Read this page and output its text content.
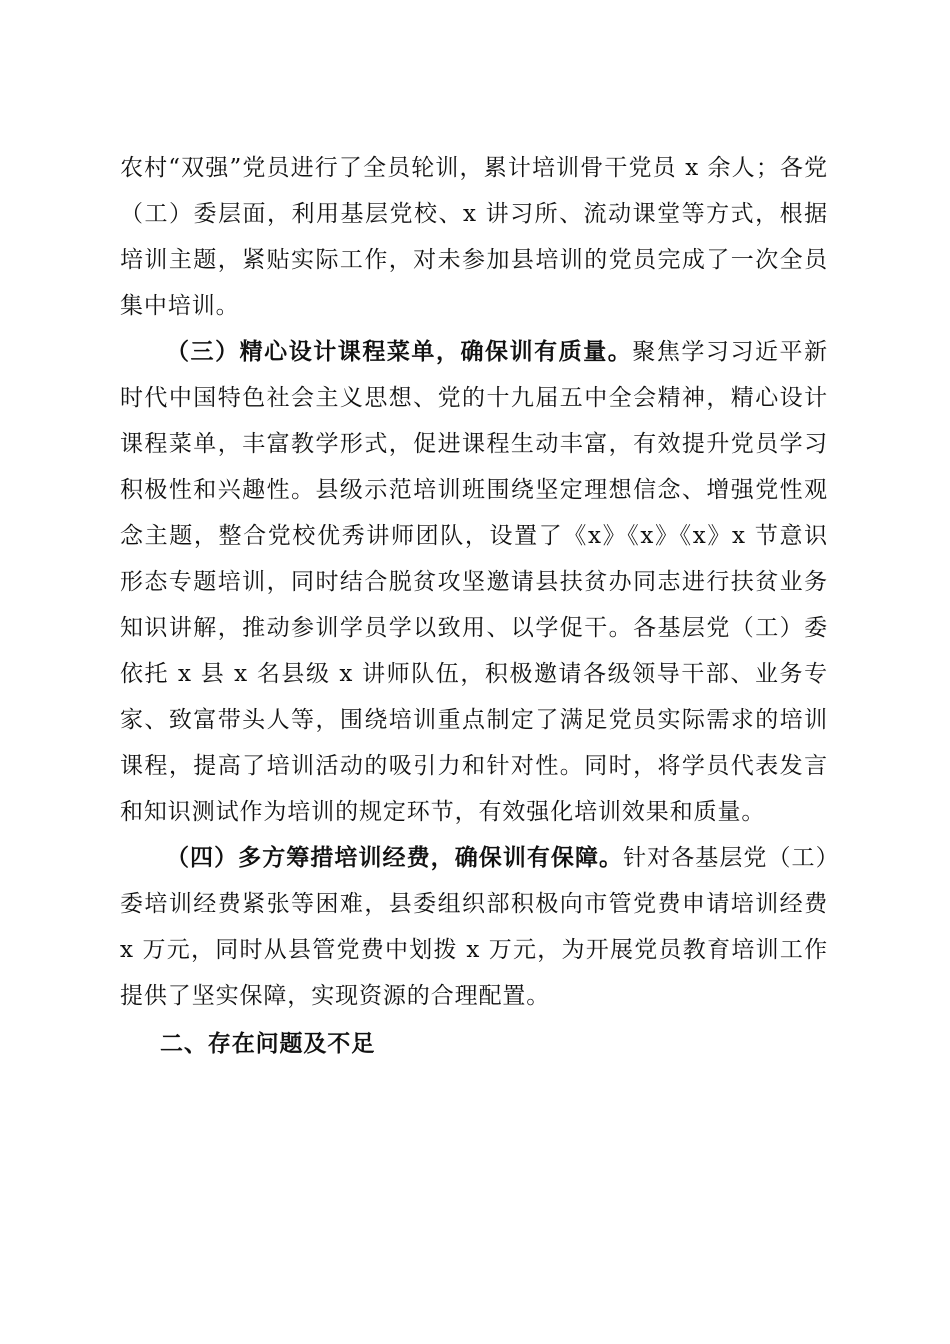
农村“双强”党员进行了全员轮训，累计培训骨干党员 x 余人；各党（工）委层面，利用基层党校、x 讲习所、流动课堂等方式，根据培训主题，紧贴实际工作，对未参加县培训的党员完成了一次全员集中培训。

（三）精心设计课程菜单，确保训有质量。聚焦学习习近平新时代中国特色社会主义思想、党的十九届五中全会精神，精心设计课程菜单，丰富教学形式，促进课程生动丰富，有效提升党员学习积极性和兴趣性。县级示范培训班围绕坚定理想信念、增强党性观念主题，整合党校优秀讲师团队，设置了《x》《x》《x》x 节意识形态专题培训，同时结合脱贫攻坚邀请县扶贫办同志进行扶贫业务知识讲解，推动参训学员学以致用、以学促干。各基层党（工）委依托 x 县 x 名县级 x 讲师队伍，积极邀请各级领导干部、业务专家、致富带头人等，围绕培训重点制定了满足党员实际需求的培训课程，提高了培训活动的吸引力和针对性。同时，将学员代表发言和知识测试作为培训的规定环节，有效强化培训效果和质量。

（四）多方筹措培训经费，确保训有保障。针对各基层党（工）委培训经费紧张等困难，县委组织部积极向市管党费申请培训经费 x 万元，同时从县管党费中划拨 x 万元，为开展党员教育培训工作提供了坚实保障，实现资源的合理配置。

二、存在问题及不足
